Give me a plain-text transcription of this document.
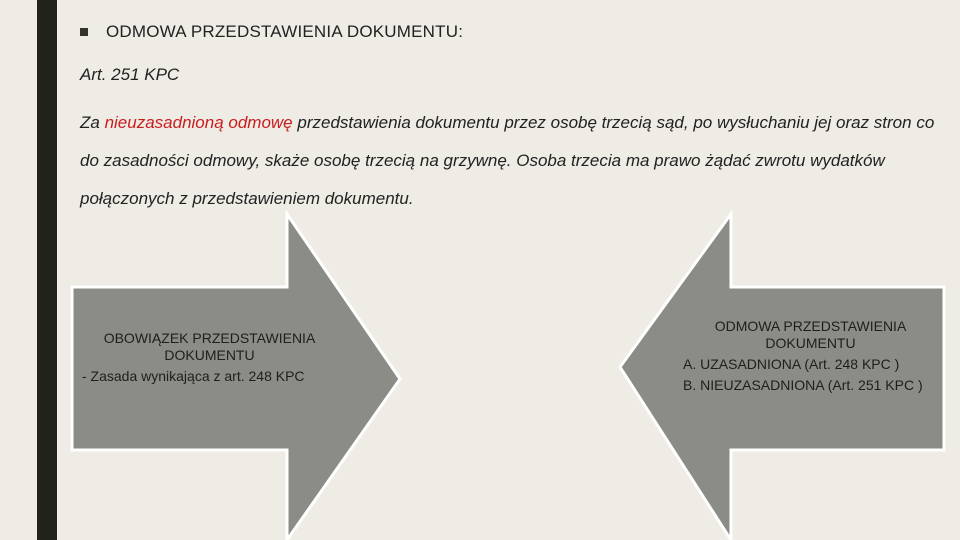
ODMOWA PRZEDSTAWIENIA DOKUMENTU:
Art. 251 KPC
Za nieuzasadnioną odmowę przedstawienia dokumentu przez osobę trzecią sąd, po wysłuchaniu jej oraz stron co do zasadności odmowy, skaże osobę trzecią na grzywnę. Osoba trzecia ma prawo żądać zwrotu wydatków połączonych z przedstawieniem dokumentu.
OBOWIĄZEK PRZEDSTAWIENIA DOKUMENTU
- Zasada wynikająca z art. 248 KPC
ODMOWA PRZEDSTAWIENIA DOKUMENTU
A. UZASADNIONA (Art. 248 KPC )
B. NIEUZASADNIONA (Art. 251 KPC )
